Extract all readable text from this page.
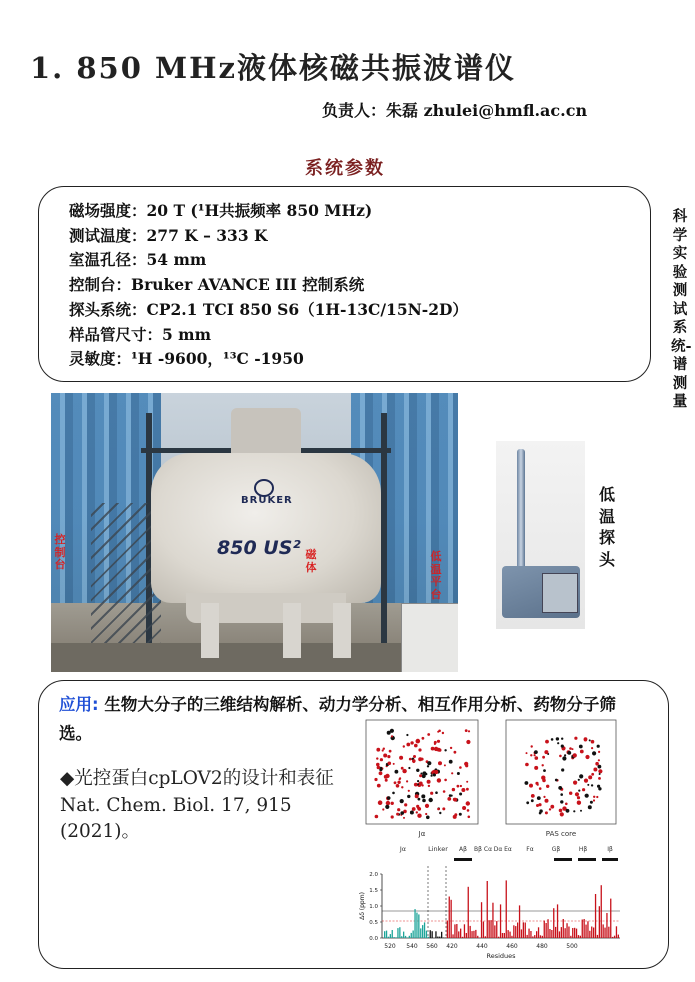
1. 850 MHz液体核磁共振波谱仪
负责人：朱磊 zhulei@hmfl.ac.cn
系统参数
磁场强度：20 T (¹H共振频率 850 MHz)
测试温度：277 K – 333 K
室温孔径：54 mm
控制台：Bruker AVANCE III 控制系统
探头系统：CP2.1 TCI 850 S6（1H-13C/15N-2D）
样品管尺寸：5 mm
灵敏度：¹H -9600，¹³C -1950
科学实验测试系统-谱测量
BRUKER
850 US²
控制台
磁体
低温平台
低温探头
应用: 生物大分子的三维结构解析、动力学分析、相互作用分析、药物分子筛选。
◆光控蛋白cpLOV2的设计和表征Nat. Chem. Biol. 17, 915 (2021)。	Jα	PAS core
Linker Aβ Bβ Cα Dα Eα Fα	Gβ	Hβ	Iβ
Jα
0.0
0.5
1.0
1.5
2.0
520 540 560 420	440	460	480	500
Δδ (ppm)
Residues
